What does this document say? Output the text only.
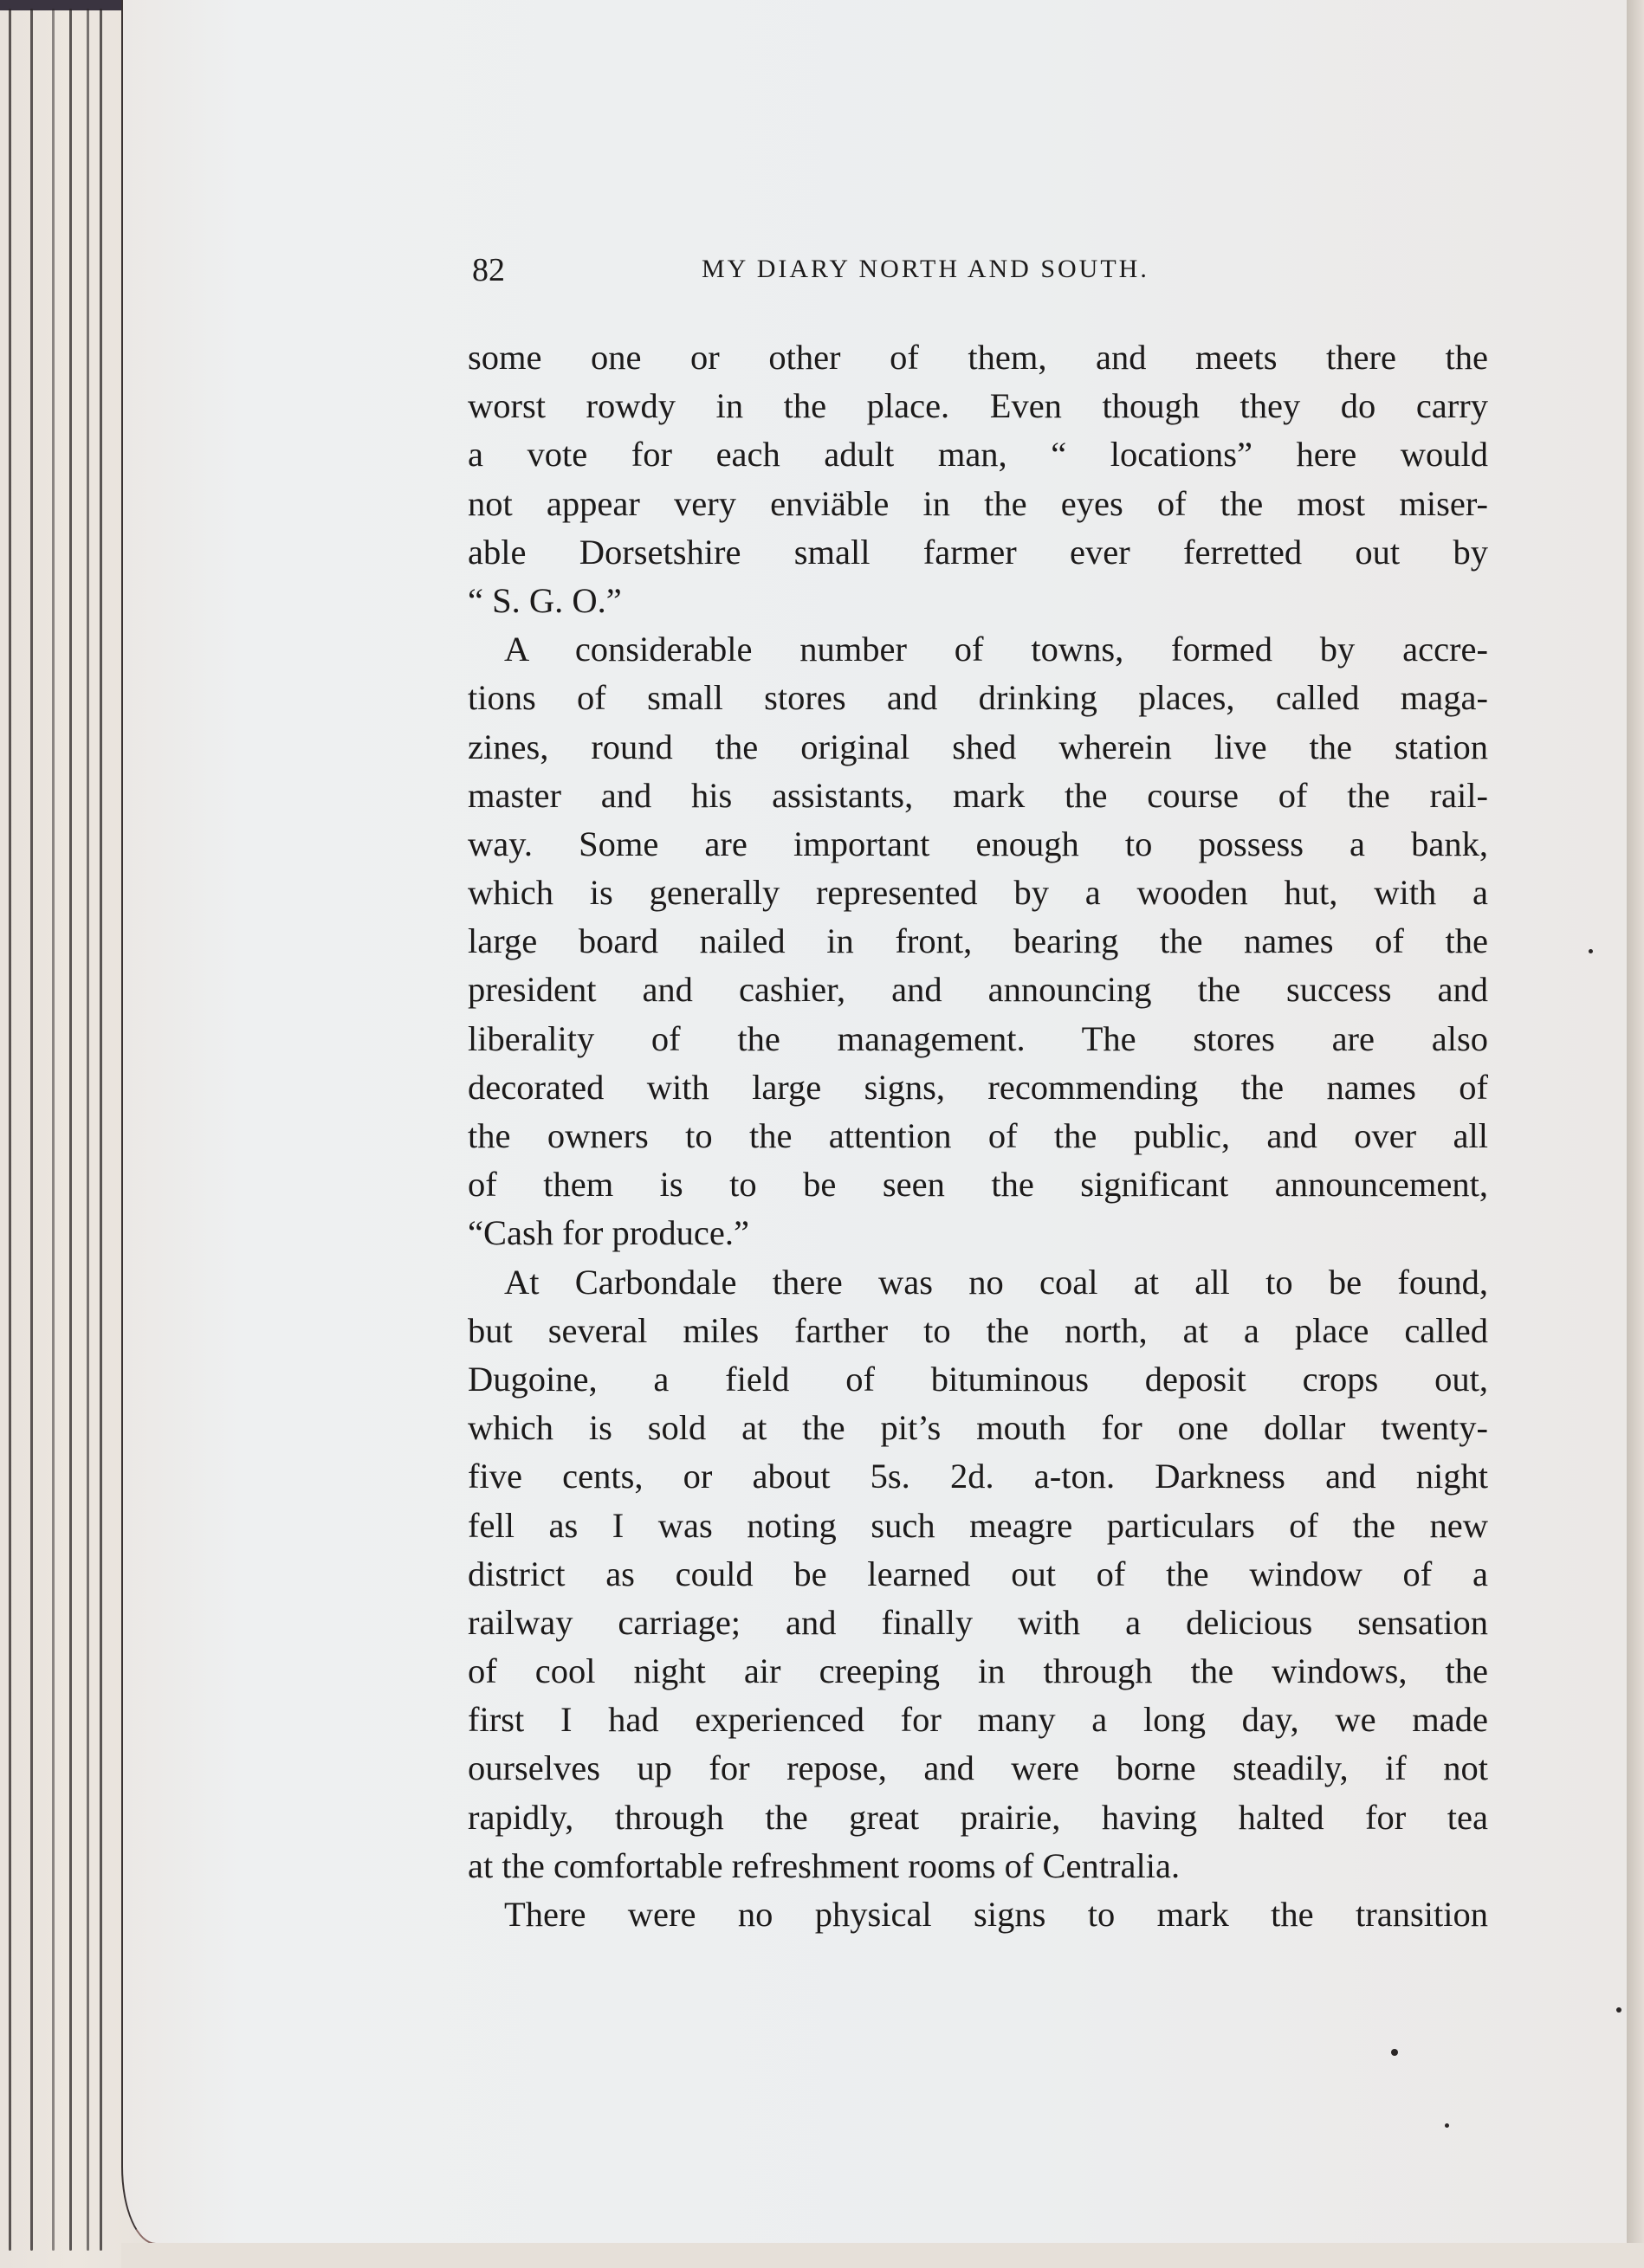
82	MY DIARY NORTH AND SOUTH.
some one or other of them, and meets there the
worst rowdy in the place. Even though they do carry
a vote for each adult man, “ locations” here would
not appear very enviäble in the eyes of the most miser-
able Dorsetshire small farmer ever ferretted out by
“ S. G. O.”
A considerable number of towns, formed by accre-
tions of small stores and drinking places, called maga-
zines, round the original shed wherein live the station
master and his assistants, mark the course of the rail-
way. Some are important enough to possess a bank,
which is generally represented by a wooden hut, with a
large board nailed in front, bearing the names of the
president and cashier, and announcing the success and
liberality of the management. The stores are also
decorated with large signs, recommending the names of
the owners to the attention of the public, and over all
of them is to be seen the significant announcement,
“Cash for produce.”
At Carbondale there was no coal at all to be found,
but several miles farther to the north, at a place called
Dugoine, a field of bituminous deposit crops out,
which is sold at the pit’s mouth for one dollar twenty-
five cents, or about 5s. 2d. a-ton. Darkness and night
fell as I was noting such meagre particulars of the new
district as could be learned out of the window of a
railway carriage; and finally with a delicious sensation
of cool night air creeping in through the windows, the
first I had experienced for many a long day, we made
ourselves up for repose, and were borne steadily, if not
rapidly, through the great prairie, having halted for tea
at the comfortable refreshment rooms of Centralia.
There were no physical signs to mark the transition
